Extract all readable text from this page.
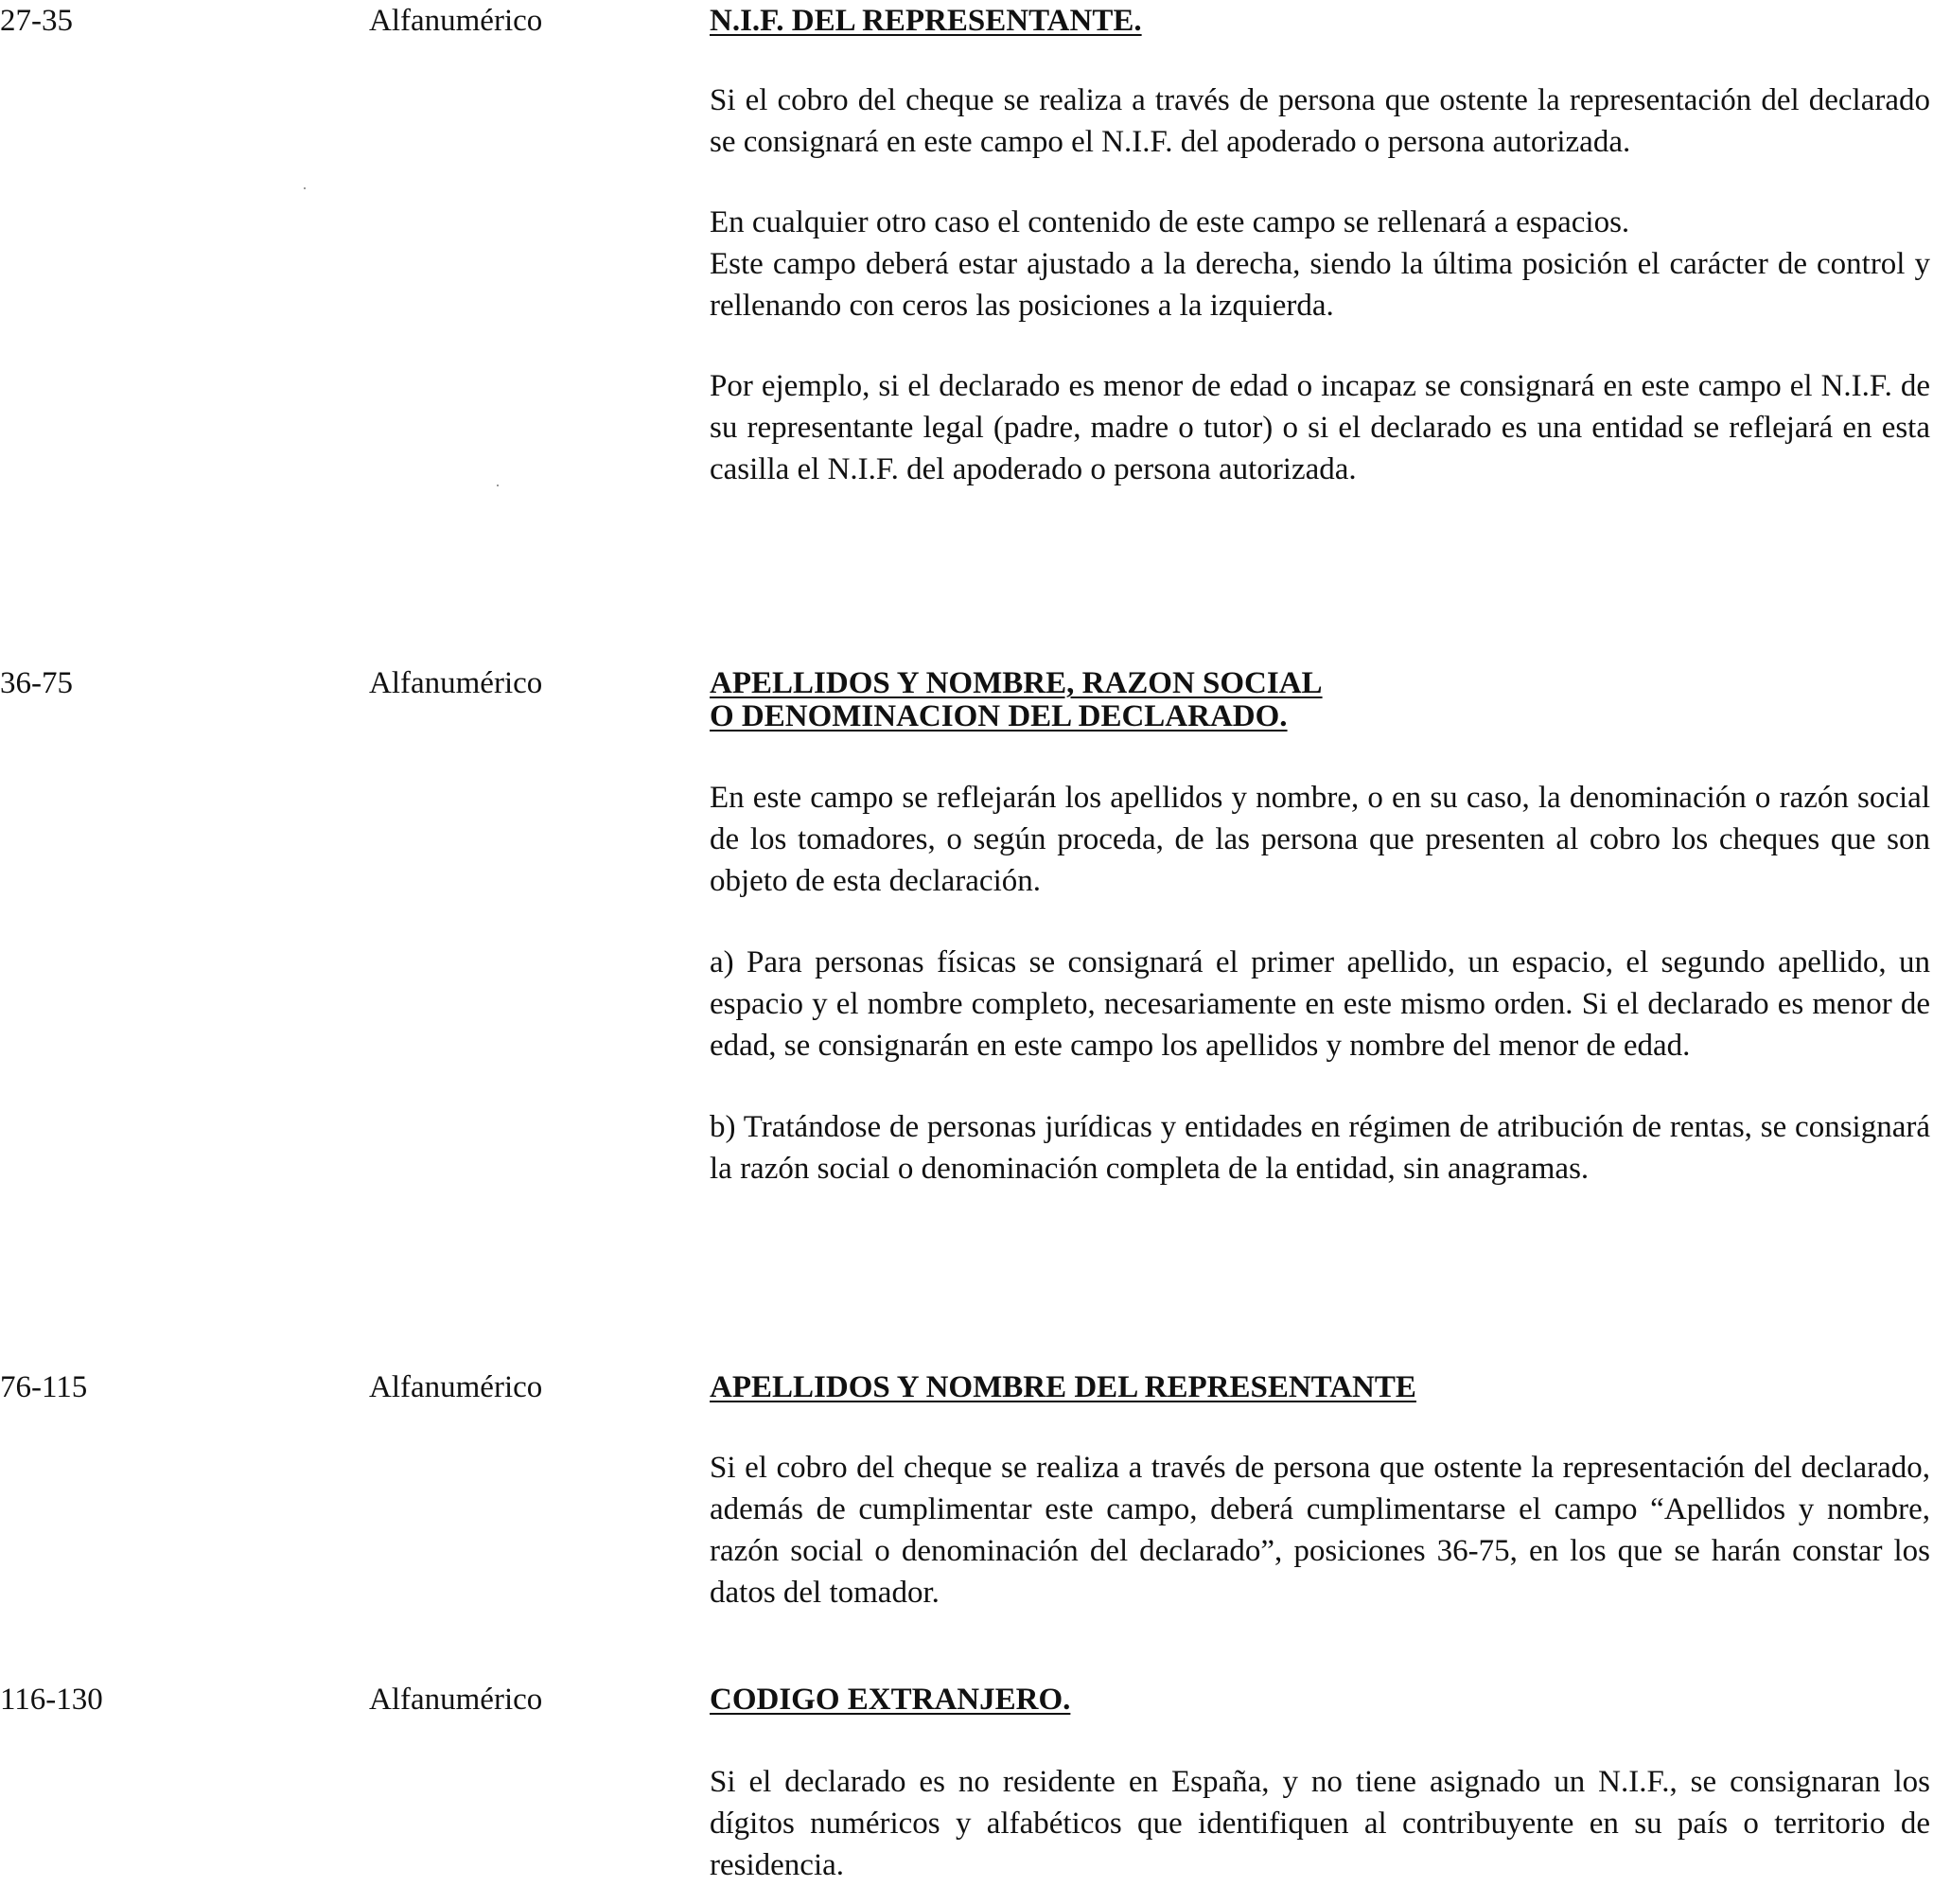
27-35	Alfanumérico	N.I.F. DEL REPRESENTANTE.

Si el cobro del cheque se realiza a través de persona que ostente la representación del declarado se consignará en este campo el N.I.F. del apoderado o persona autorizada.

En cualquier otro caso el contenido de este campo se rellenará a espacios.

Este campo deberá estar ajustado a la derecha, siendo la última posición el carácter de control y rellenando con ceros las posiciones a la izquierda.

Por ejemplo, si el declarado es menor de edad o incapaz se consignará en este campo el N.I.F. de su representante legal (padre, madre o tutor) o si el declarado es una entidad se reflejará en esta casilla el N.I.F. del apoderado o persona autorizada.

36-75	Alfanumérico	APELLIDOS Y NOMBRE, RAZON SOCIAL

O DENOMINACION DEL DECLARADO.

En este campo se reflejarán los apellidos y nombre, o en su caso, la denominación o razón social de los tomadores, o según proceda, de las persona que presenten al cobro los cheques que son objeto de esta declaración.

a) Para personas físicas se consignará el primer apellido, un espacio, el segundo apellido, un espacio y el nombre completo, necesariamente en este mismo orden. Si el declarado es menor de edad, se consignarán en este campo los apellidos y nombre del menor de edad.

b) Tratándose de personas jurídicas y entidades en régimen de atribución de rentas, se consignará la razón social o denominación completa de la entidad, sin anagramas.

76-115	Alfanumérico	APELLIDOS Y NOMBRE DEL REPRESENTANTE

Si el cobro del cheque se realiza a través de persona que ostente la representación del declarado, además de cumplimentar este campo, deberá cumplimentarse el campo “Apellidos y nombre, razón social o denominación del declarado”, posiciones 36-75, en los que se harán constar los datos del tomador.

116-130	Alfanumérico	CODIGO EXTRANJERO.

Si el declarado es no residente en España, y no tiene asignado un N.I.F., se consignaran los dígitos numéricos y alfabéticos que identifiquen al contribuyente en su país o territorio de residencia.
